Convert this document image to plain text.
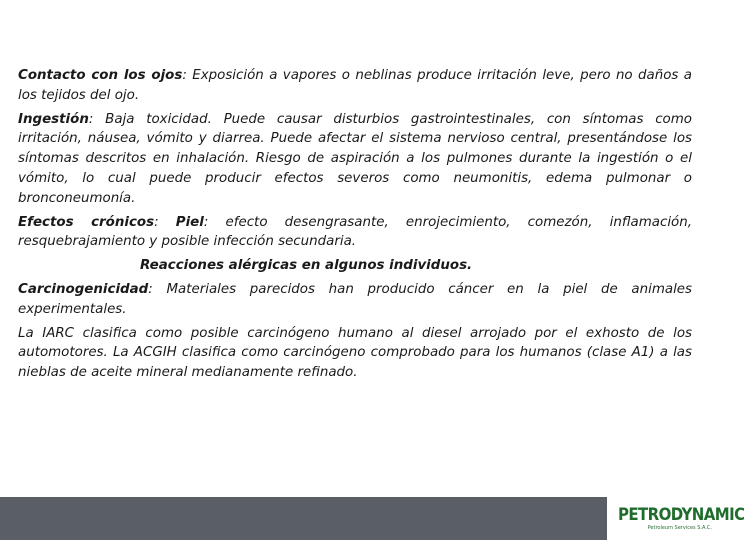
Contacto con los ojos: Exposición a vapores o neblinas produce irritación leve, pero no daños a los tejidos del ojo.

Ingestión: Baja toxicidad. Puede causar disturbios gastrointestinales, con síntomas como irritación, náusea, vómito y diarrea. Puede afectar el sistema nervioso central, presentándose los síntomas descritos en inhalación. Riesgo de aspiración a los pulmones durante la ingestión o el vómito, lo cual puede producir efectos severos como neumonitis, edema pulmonar o bronconeumonía.

Efectos crónicos: Piel: efecto desengrasante, enrojecimiento, comezón, inflamación, resquebrajamiento y posible infección secundaria.

Reacciones alérgicas en algunos individuos.

Carcinogenicidad: Materiales parecidos han producido cáncer en la piel de animales experimentales.

La IARC clasifica como posible carcinógeno humano al diesel arrojado por el exhosto de los automotores. La ACGIH clasifica como carcinógeno comprobado para los humanos (clase A1) a las nieblas de aceite mineral medianamente refinado.

PETRODYNAMIC
Petroleum Services S.A.C.
